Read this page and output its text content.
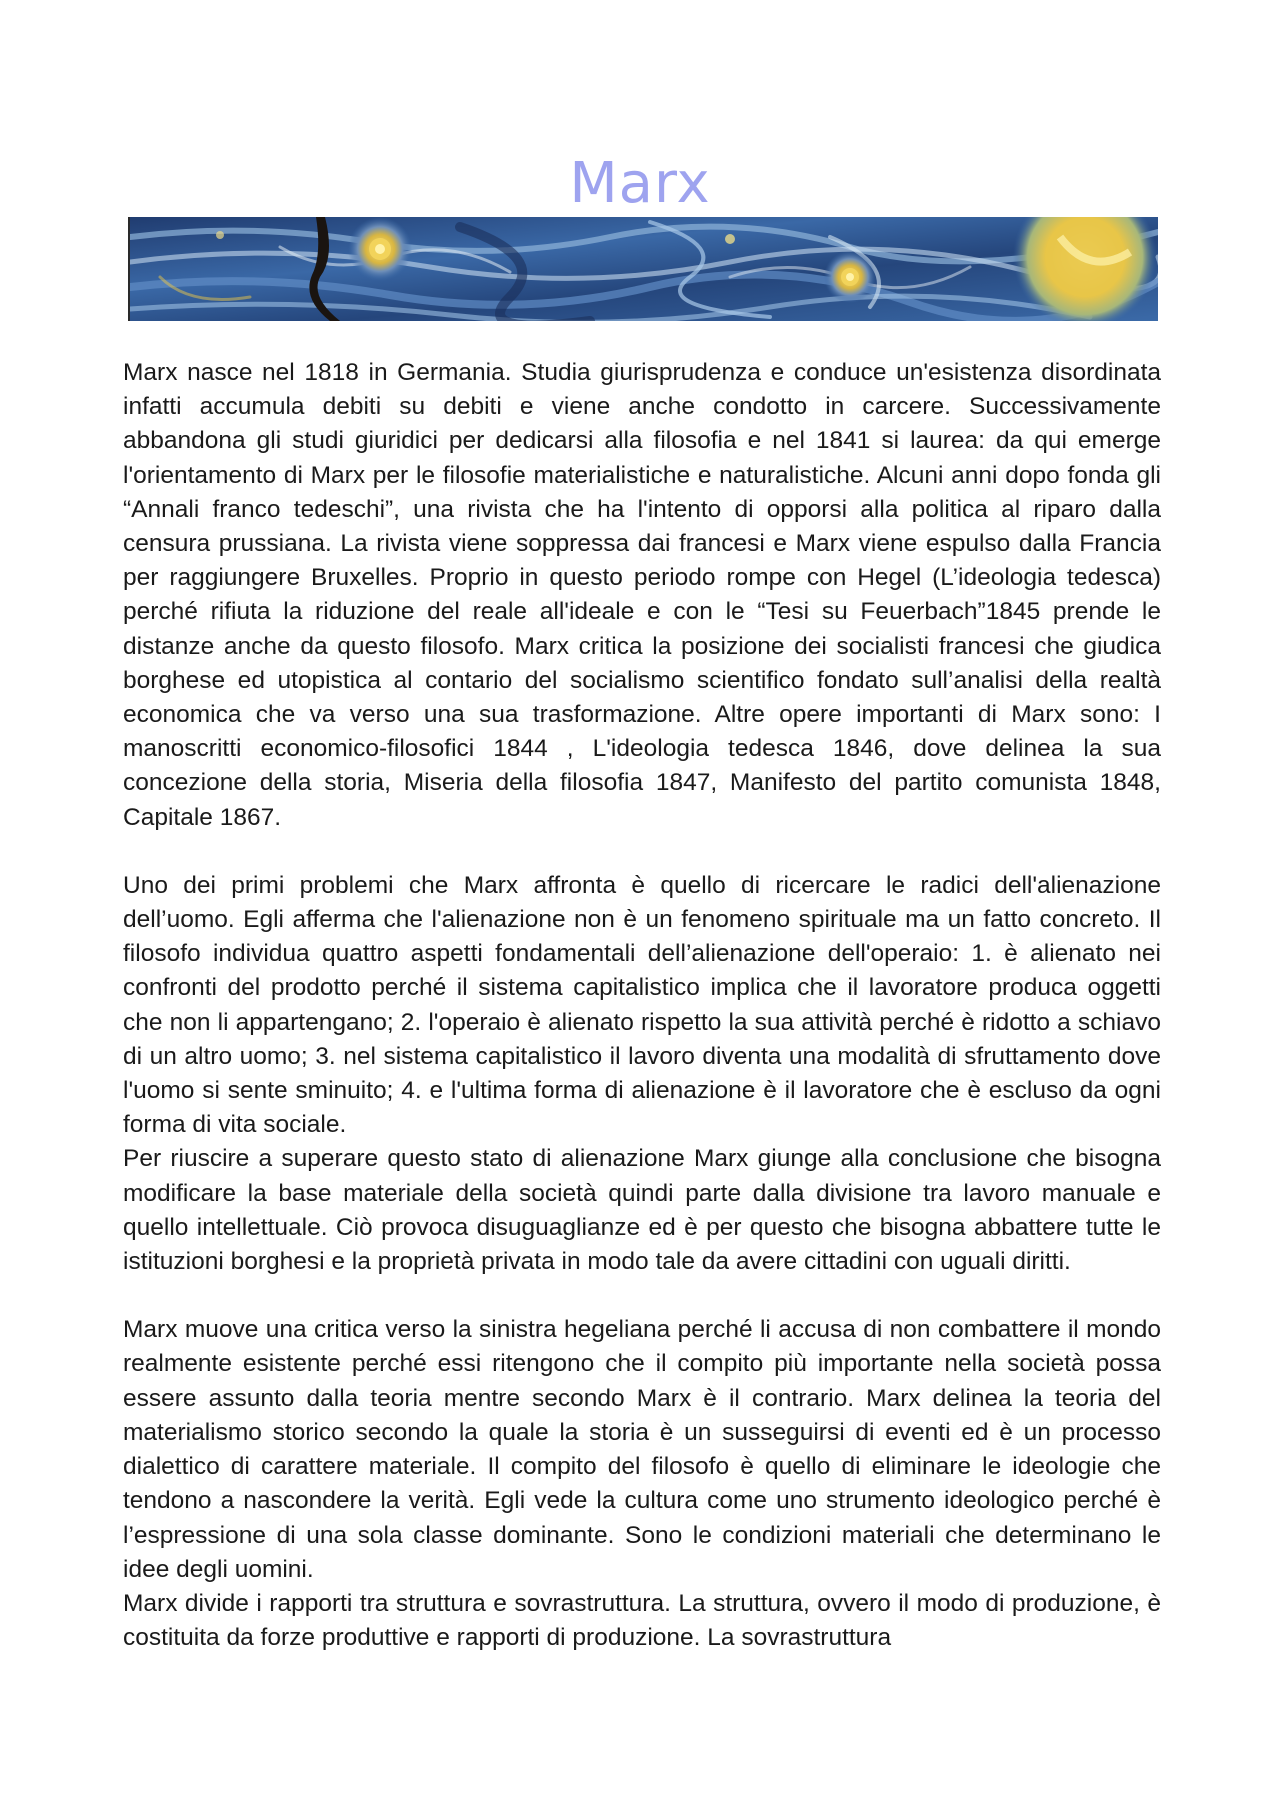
Marx

Marx nasce nel 1818 in Germania. Studia giurisprudenza e conduce un'esistenza disordinata infatti accumula debiti su debiti e viene anche condotto in carcere. Successivamente abbandona gli studi giuridici per dedicarsi alla filosofia e nel 1841 si laurea: da qui emerge l'orientamento di Marx per le filosofie materialistiche e naturalistiche. Alcuni anni dopo fonda gli “Annali franco tedeschi”, una rivista che ha l'intento di opporsi alla politica al riparo dalla censura prussiana. La rivista viene soppressa dai francesi e Marx viene espulso dalla Francia per raggiungere Bruxelles. Proprio in questo periodo rompe con Hegel (L’ideologia tedesca) perché rifiuta la riduzione del reale all'ideale e con le “Tesi su Feuerbach”1845 prende le distanze anche da questo filosofo. Marx critica la posizione dei socialisti francesi che giudica borghese ed utopistica al contario del socialismo scientifico fondato sull’analisi della realtà economica che va verso una sua trasformazione. Altre opere importanti di Marx sono: I manoscritti economico-filosofici 1844 , L'ideologia tedesca 1846, dove delinea la sua concezione della storia, Miseria della filosofia 1847, Manifesto del partito comunista 1848, Capitale 1867.

Uno dei primi problemi che Marx affronta è quello di ricercare le radici dell'alienazione dell’uomo. Egli afferma che l'alienazione non è un fenomeno spirituale ma un fatto concreto. Il filosofo individua quattro aspetti fondamentali dell’alienazione dell'operaio: 1. è alienato nei confronti del prodotto perché il sistema capitalistico implica che il lavoratore produca oggetti che non li appartengano; 2. l'operaio è alienato rispetto la sua attività perché è ridotto a schiavo di un altro uomo; 3. nel sistema capitalistico il lavoro diventa una modalità di sfruttamento dove l'uomo si sente sminuito; 4. e l'ultima forma di alienazione è il lavoratore che è escluso da ogni forma di vita sociale.

Per riuscire a superare questo stato di alienazione Marx giunge alla conclusione che bisogna modificare la base materiale della società quindi parte dalla divisione tra lavoro manuale e quello intellettuale. Ciò provoca disuguaglianze ed è per questo che bisogna abbattere tutte le istituzioni borghesi e la proprietà privata in modo tale da avere cittadini con uguali diritti.

Marx muove una critica verso la sinistra hegeliana perché li accusa di non combattere il mondo realmente esistente perché essi ritengono che il compito più importante nella società possa essere assunto dalla teoria mentre secondo Marx è il contrario. Marx delinea la teoria del materialismo storico secondo la quale la storia è un susseguirsi di eventi ed è un processo dialettico di carattere materiale. Il compito del filosofo è quello di eliminare le ideologie che tendono a nascondere la verità. Egli vede la cultura come uno strumento ideologico perché è l’espressione di una sola classe dominante. Sono le condizioni materiali che determinano le idee degli uomini.

Marx divide i rapporti tra struttura e sovrastruttura. La struttura, ovvero il modo di produzione, è costituita da forze produttive e rapporti di produzione. La sovrastruttura
